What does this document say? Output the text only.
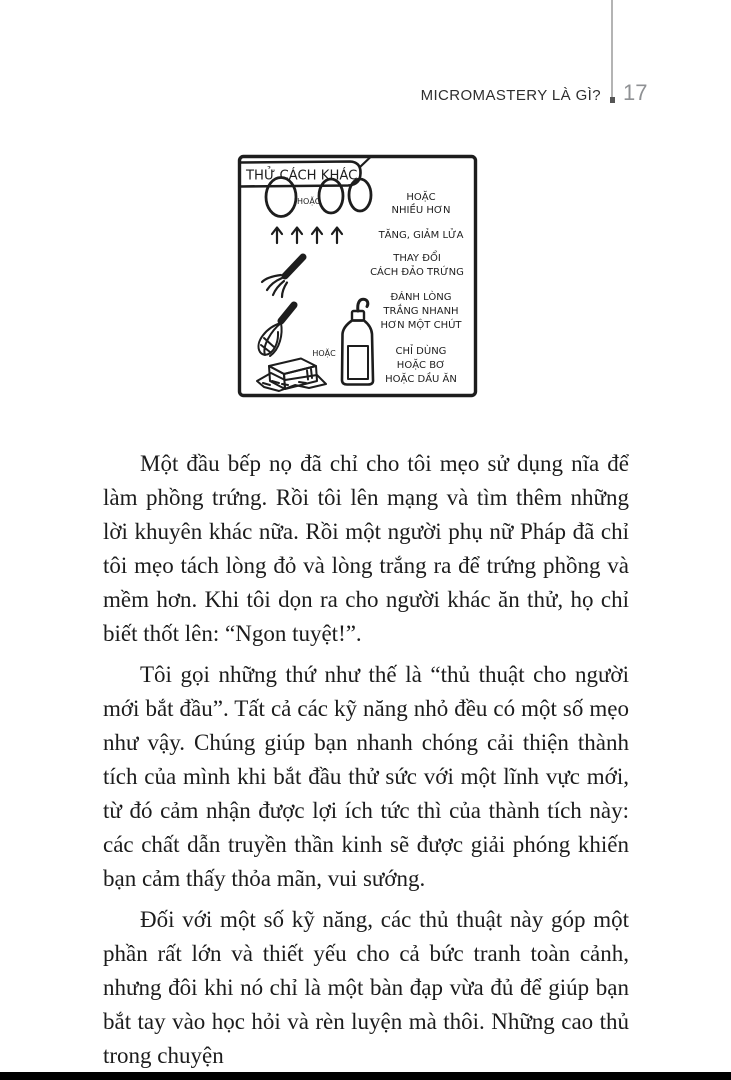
MICROMASTERY LÀ GÌ? 17
THỬ CÁCH KHÁC!
HOẶC	HOẶC
NHIỀU HƠN
TĂNG, GIẢM LỬA
THAY ĐỔI
CÁCH ĐẢO TRỨNG
HOẶC
ĐÁNH LÒNG
TRẮNG NHANH
HƠN MỘT CHÚT
CHỈ DÙNG
HOẶC BƠ
HOẶC DẦU ĂN

Một đầu bếp nọ đã chỉ cho tôi mẹo sử dụng nĩa để làm phồng trứng. Rồi tôi lên mạng và tìm thêm những lời khuyên khác nữa. Rồi một người phụ nữ Pháp đã chỉ tôi mẹo tách lòng đỏ và lòng trắng ra để trứng phồng và mềm hơn. Khi tôi dọn ra cho người khác ăn thử, họ chỉ biết thốt lên: “Ngon tuyệt!”.

Tôi gọi những thứ như thế là “thủ thuật cho người mới bắt đầu”. Tất cả các kỹ năng nhỏ đều có một số mẹo như vậy. Chúng giúp bạn nhanh chóng cải thiện thành tích của mình khi bắt đầu thử sức với một lĩnh vực mới, từ đó cảm nhận được lợi ích tức thì của thành tích này: các chất dẫn truyền thần kinh sẽ được giải phóng khiến bạn cảm thấy thỏa mãn, vui sướng.

Đối với một số kỹ năng, các thủ thuật này góp một phần rất lớn và thiết yếu cho cả bức tranh toàn cảnh, nhưng đôi khi nó chỉ là một bàn đạp vừa đủ để giúp bạn bắt tay vào học hỏi và rèn luyện mà thôi. Những cao thủ trong chuyện
